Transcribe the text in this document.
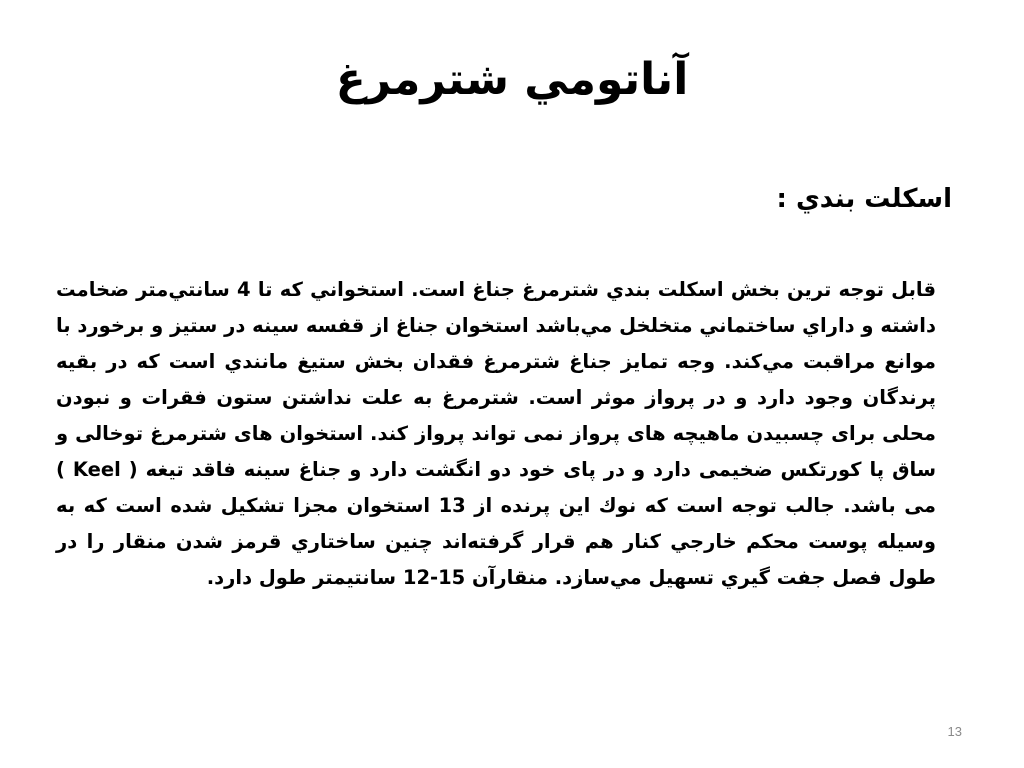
آناتومي شترمرغ
اسكلت بندي :

قابل توجه ترين بخش اسكلت بندي شترمرغ جناغ است. استخواني كه تا 4 سانتي‌متر ضخامت داشته و داراي ساختماني متخلخل مي‌باشد استخوان جناغ از قفسه سينه در ستيز و برخورد با موانع مراقبت مي‌كند. وجه تمايز جناغ شترمرغ فقدان بخش ستيغ مانندي است كه در بقيه پرندگان وجود دارد و در پرواز موثر است. شترمرغ به علت نداشتن ستون فقرات و نبودن محلی برای چسبیدن ماهیچه های پرواز نمی تواند پرواز کند. استخوان های شترمرغ توخالی و ساق پا کورتکس ضخیمی دارد و در پای خود دو انگشت دارد و جناغ سینه فاقد تیغه ( Keel ) می باشد. جالب توجه است كه نوك اين پرنده از 13 استخوان مجزا تشكيل شده است كه به وسيله پوست محكم خارجي كنار هم قرار گرفته‌اند چنين ساختاري قرمز شدن منقار را در طول فصل جفت گيري تسهيل مي‌سازد. منقارآن 15-12 سانتيمتر طول دارد.

13
